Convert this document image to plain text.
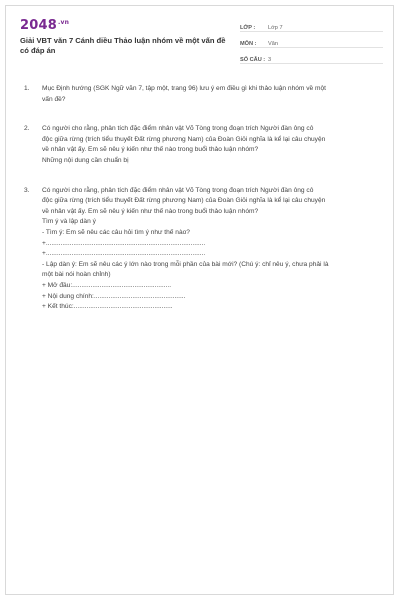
$2048^{.vn}$
Giải VBT văn 7 Cánh diều Thảo luận nhóm về một vấn đề
có đáp án
LỚP :	Lớp 7
MÔN :	Văn
SỐ CÂU : 3
1.	Mục Định hướng (SGK Ngữ văn 7, tập một, trang 96) lưu ý em điều gì khi thảo luận nhóm về một
vấn đề?
2.	Có người cho rằng, phân tích đặc điểm nhân vật Võ Tòng trong đoạn trích Người đàn ông cô
độc giữa rừng (trích tiểu thuyết Đất rừng phương Nam) của Đoàn Giỏi nghĩa là kể lại câu chuyện
về nhân vật ấy. Em sẽ nêu ý kiến như thế nào trong buổi thảo luận nhóm?
Những nội dung cần chuẩn bị
3.	Có người cho rằng, phân tích đặc điểm nhân vật Võ Tòng trong đoạn trích Người đàn ông cô
độc giữa rừng (trích tiểu thuyết Đất rừng phương Nam) của Đoàn Giỏi nghĩa là kể lại câu chuyện
về nhân vật ấy. Em sẽ nêu ý kiến như thế nào trong buổi thảo luận nhóm?
Tìm ý và lập dàn ý
- Tìm ý: Em sẽ nêu các câu hỏi tìm ý như thế nào?
+.......................................................................................
+.......................................................................................
- Lập dàn ý: Em sẽ nêu các ý lớn nào trong mỗi phần của bài mới? (Chú ý: chỉ nêu ý, chưa phải là
một bài nói hoàn chỉnh)
+ Mở đầu:......................................................
+ Nội dung chính:..................................................
+ Kết thúc:......................................................
